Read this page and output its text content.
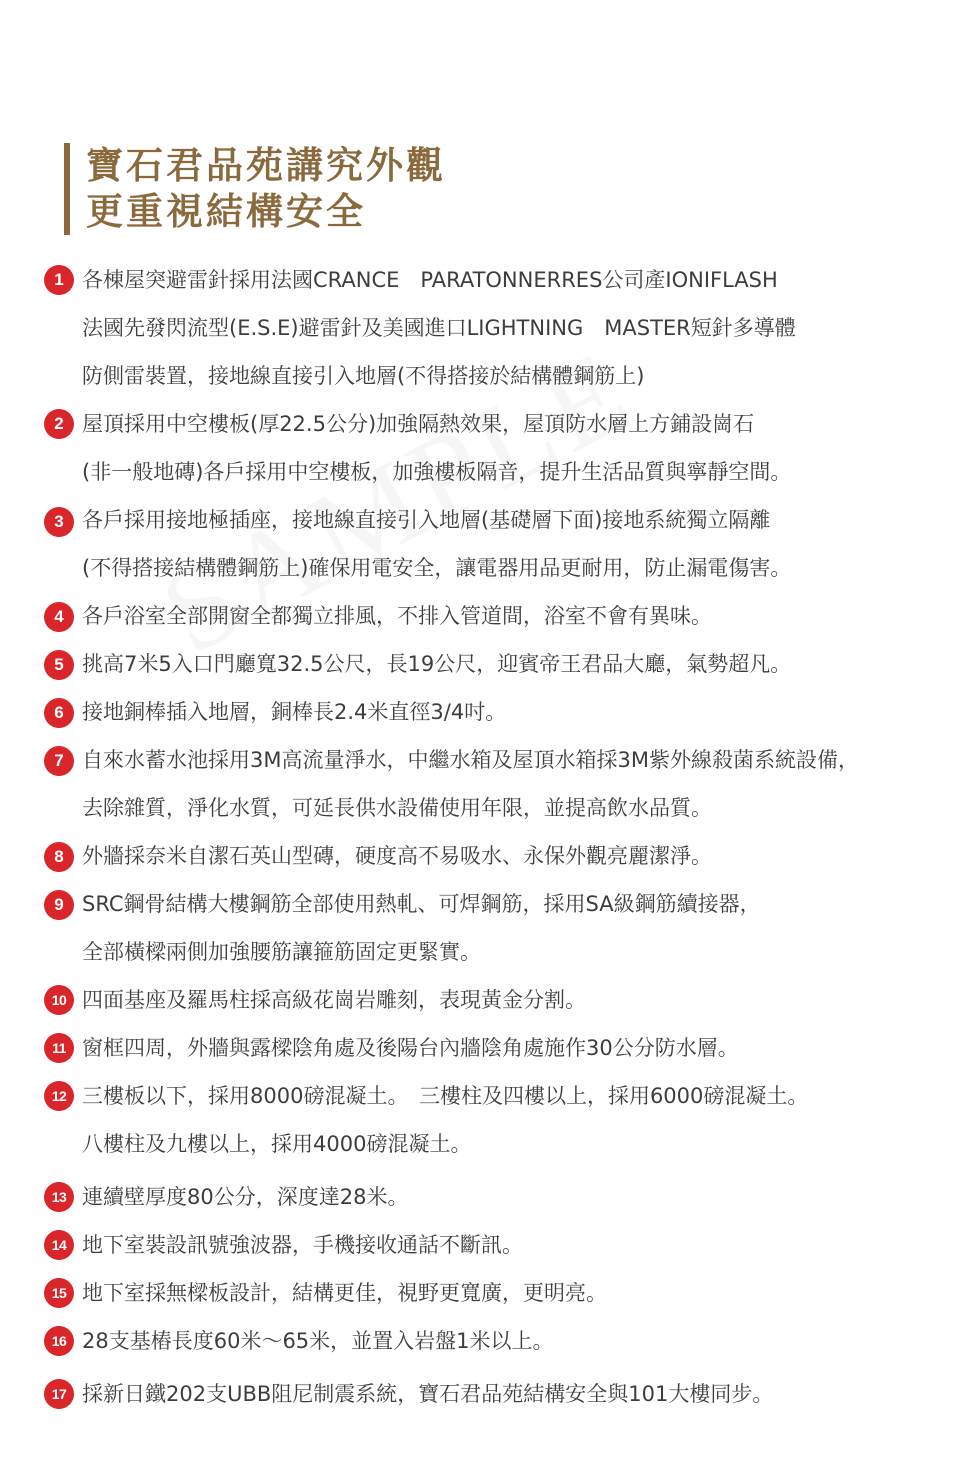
寶石君品苑講究外觀
更重視結構安全
1 各棟屋突避雷針採用法國CRANCE　PARATONNERRES公司產IONIFLASH
法國先發閃流型(E.S.E)避雷針及美國進口LIGHTNING　MASTER短針多導體
防側雷裝置，接地線直接引入地層(不得搭接於結構體鋼筋上)
2 屋頂採用中空樓板(厚22.5公分)加強隔熱效果，屋頂防水層上方鋪設崗石
(非一般地磚)各戶採用中空樓板，加強樓板隔音，提升生活品質與寧靜空間。
3 各戶採用接地極插座，接地線直接引入地層(基礎層下面)接地系統獨立隔離
(不得搭接結構體鋼筋上)確保用電安全，讓電器用品更耐用，防止漏電傷害。
4 各戶浴室全部開窗全都獨立排風，不排入管道間，浴室不會有異味。
5 挑高7米5入口門廳寬32.5公尺，長19公尺，迎賓帝王君品大廳，氣勢超凡。
6 接地銅棒插入地層，銅棒長2.4米直徑3/4吋。
7 自來水蓄水池採用3M高流量淨水，中繼水箱及屋頂水箱採3M紫外線殺菌系統設備，
去除雜質，淨化水質，可延長供水設備使用年限，並提高飲水品質。
8 外牆採奈米自潔石英山型磚，硬度高不易吸水、永保外觀亮麗潔淨。
9 SRC鋼骨結構大樓鋼筋全部使用熱軋、可焊鋼筋，採用SA級鋼筋續接器，
全部橫樑兩側加強腰筋讓箍筋固定更緊實。
10 四面基座及羅馬柱採高級花崗岩雕刻，表現黃金分割。
11 窗框四周，外牆與露樑陰角處及後陽台內牆陰角處施作30公分防水層。
12 三樓板以下，採用8000磅混凝土。　三樓柱及四樓以上，採用6000磅混凝土。
八樓柱及九樓以上，採用4000磅混凝土。
13 連續壁厚度80公分，深度達28米。
14 地下室裝設訊號強波器，手機接收通話不斷訊。
15 地下室採無樑板設計，結構更佳，視野更寬廣，更明亮。
16 28支基樁長度60米～65米，並置入岩盤1米以上。
17 採新日鐵202支UBB阻尼制震系統，寶石君品苑結構安全與101大樓同步。
